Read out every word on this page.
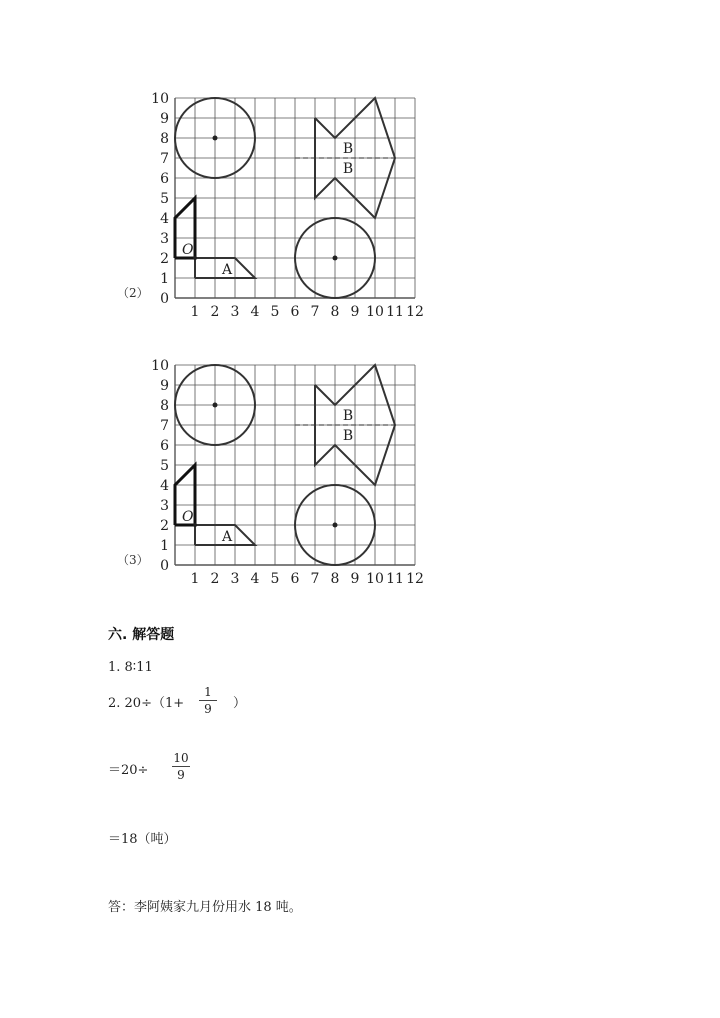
1 2 3 4 5 6 7 8 9 10 11 12
0
1
2
3
4
5
6
7
8
9
10
A
O
B
B
（2）
1 2 3 4 5 6 7 8 9 10 11 12
0
1
2
3
4
5
6
7
8
9
10
A
O
B
B
（3）
六. 解答题
1. 8∶11
2. 20÷（1+
1
9	）
＝20÷
10
9
＝18（吨）
答：李阿姨家九月份用水 18 吨。
